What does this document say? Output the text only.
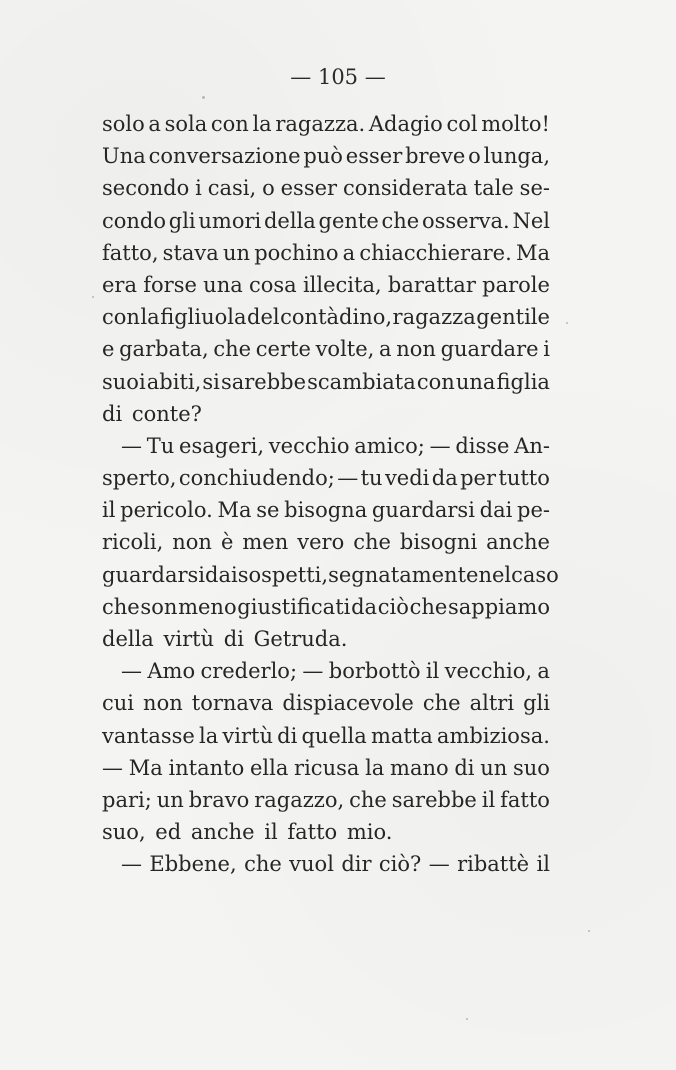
— 105 —
solo a sola con la ragazza. Adagio col molto!
Una conversazione può esser breve o lunga,
secondo i casi, o esser considerata tale se-
condo gli umori della gente che osserva. Nel
fatto, stava un pochino a chiacchierare. Ma
era forse una cosa illecita, barattar parole
con la figliuola del contàdino, ragazza gentile
e garbata, che certe volte, a non guardare i
suoi abiti, si sarebbe scambiata con una figlia
di conte?
— Tu esageri, vecchio amico; — disse An-
sperto, conchiudendo; — tu vedi da per tutto
il pericolo. Ma se bisogna guardarsi dai pe-
ricoli, non è men vero che bisogni anche
guardarsi dai sospetti, segnatamente nel caso
che son meno giustificati da ciò che sappiamo
della virtù di Getruda.
— Amo crederlo; — borbottò il vecchio, a
cui non tornava dispiacevole che altri gli
vantasse la virtù di quella matta ambiziosa.
— Ma intanto ella ricusa la mano di un suo
pari; un bravo ragazzo, che sarebbe il fatto
suo, ed anche il fatto mio.
— Ebbene, che vuol dir ciò? — ribattè il
